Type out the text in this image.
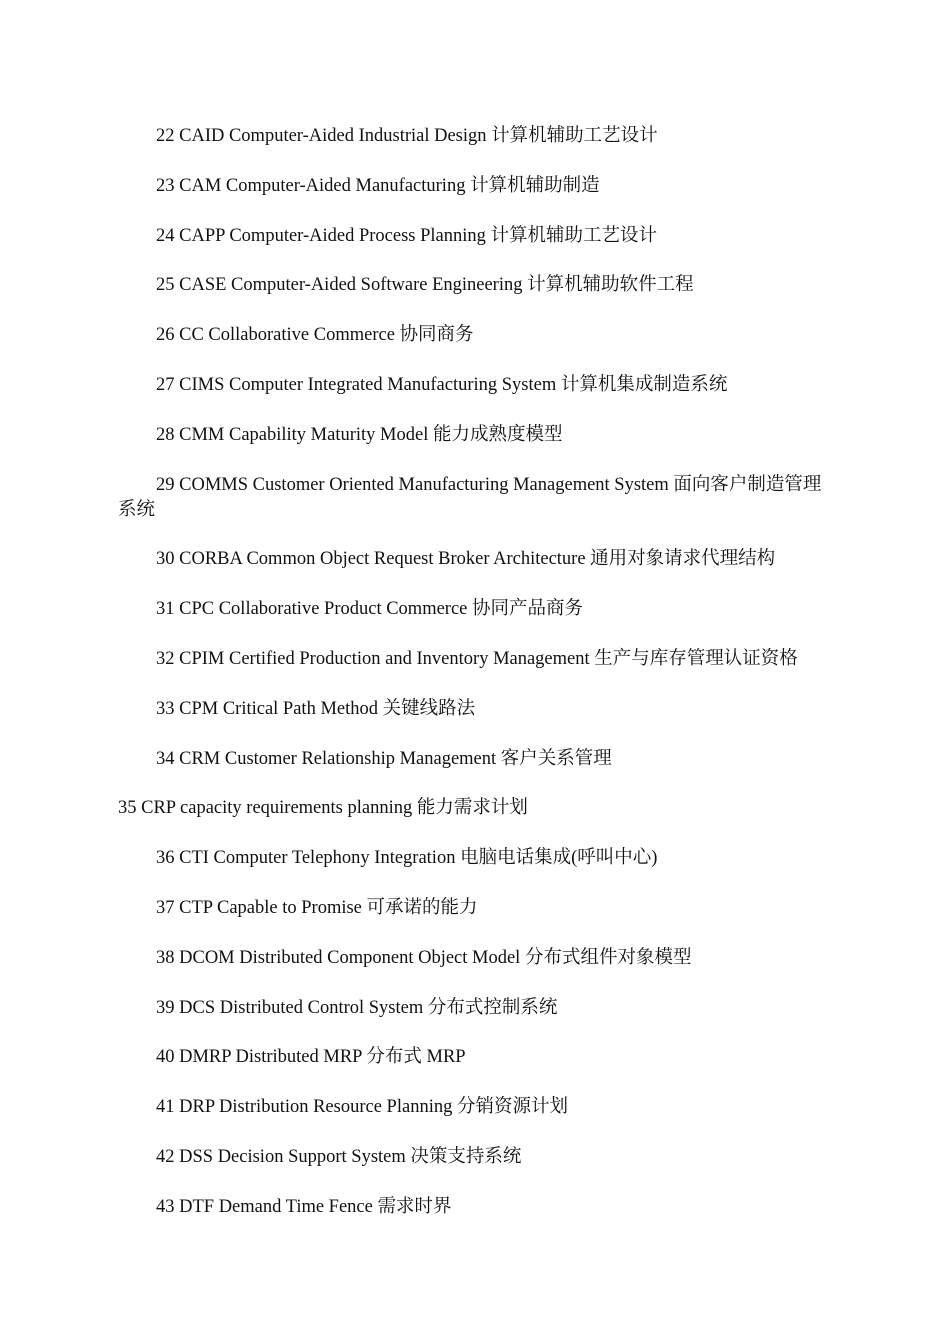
22 CAID Computer-Aided Industrial Design 计算机辅助工艺设计

23 CAM Computer-Aided Manufacturing 计算机辅助制造

24 CAPP Computer-Aided Process Planning 计算机辅助工艺设计

25 CASE Computer-Aided Software Engineering 计算机辅助软件工程

26 CC Collaborative Commerce 协同商务

27 CIMS Computer Integrated Manufacturing System 计算机集成制造系统

28 CMM Capability Maturity Model 能力成熟度模型

29 COMMS Customer Oriented Manufacturing Management System 面向客户制造管理系统

30 CORBA Common Object Request Broker Architecture 通用对象请求代理结构

31 CPC Collaborative Product Commerce 协同产品商务

32 CPIM Certified Production and Inventory Management 生产与库存管理认证资格

33 CPM Critical Path Method 关键线路法

34 CRM Customer Relationship Management 客户关系管理

35 CRP capacity requirements planning 能力需求计划

36 CTI Computer Telephony Integration 电脑电话集成(呼叫中心)

37 CTP Capable to Promise 可承诺的能力

38 DCOM Distributed Component Object Model 分布式组件对象模型

39 DCS Distributed Control System 分布式控制系统

40 DMRP Distributed MRP 分布式 MRP

41 DRP Distribution Resource Planning 分销资源计划

42 DSS Decision Support System 决策支持系统

43 DTF Demand Time Fence 需求时界
